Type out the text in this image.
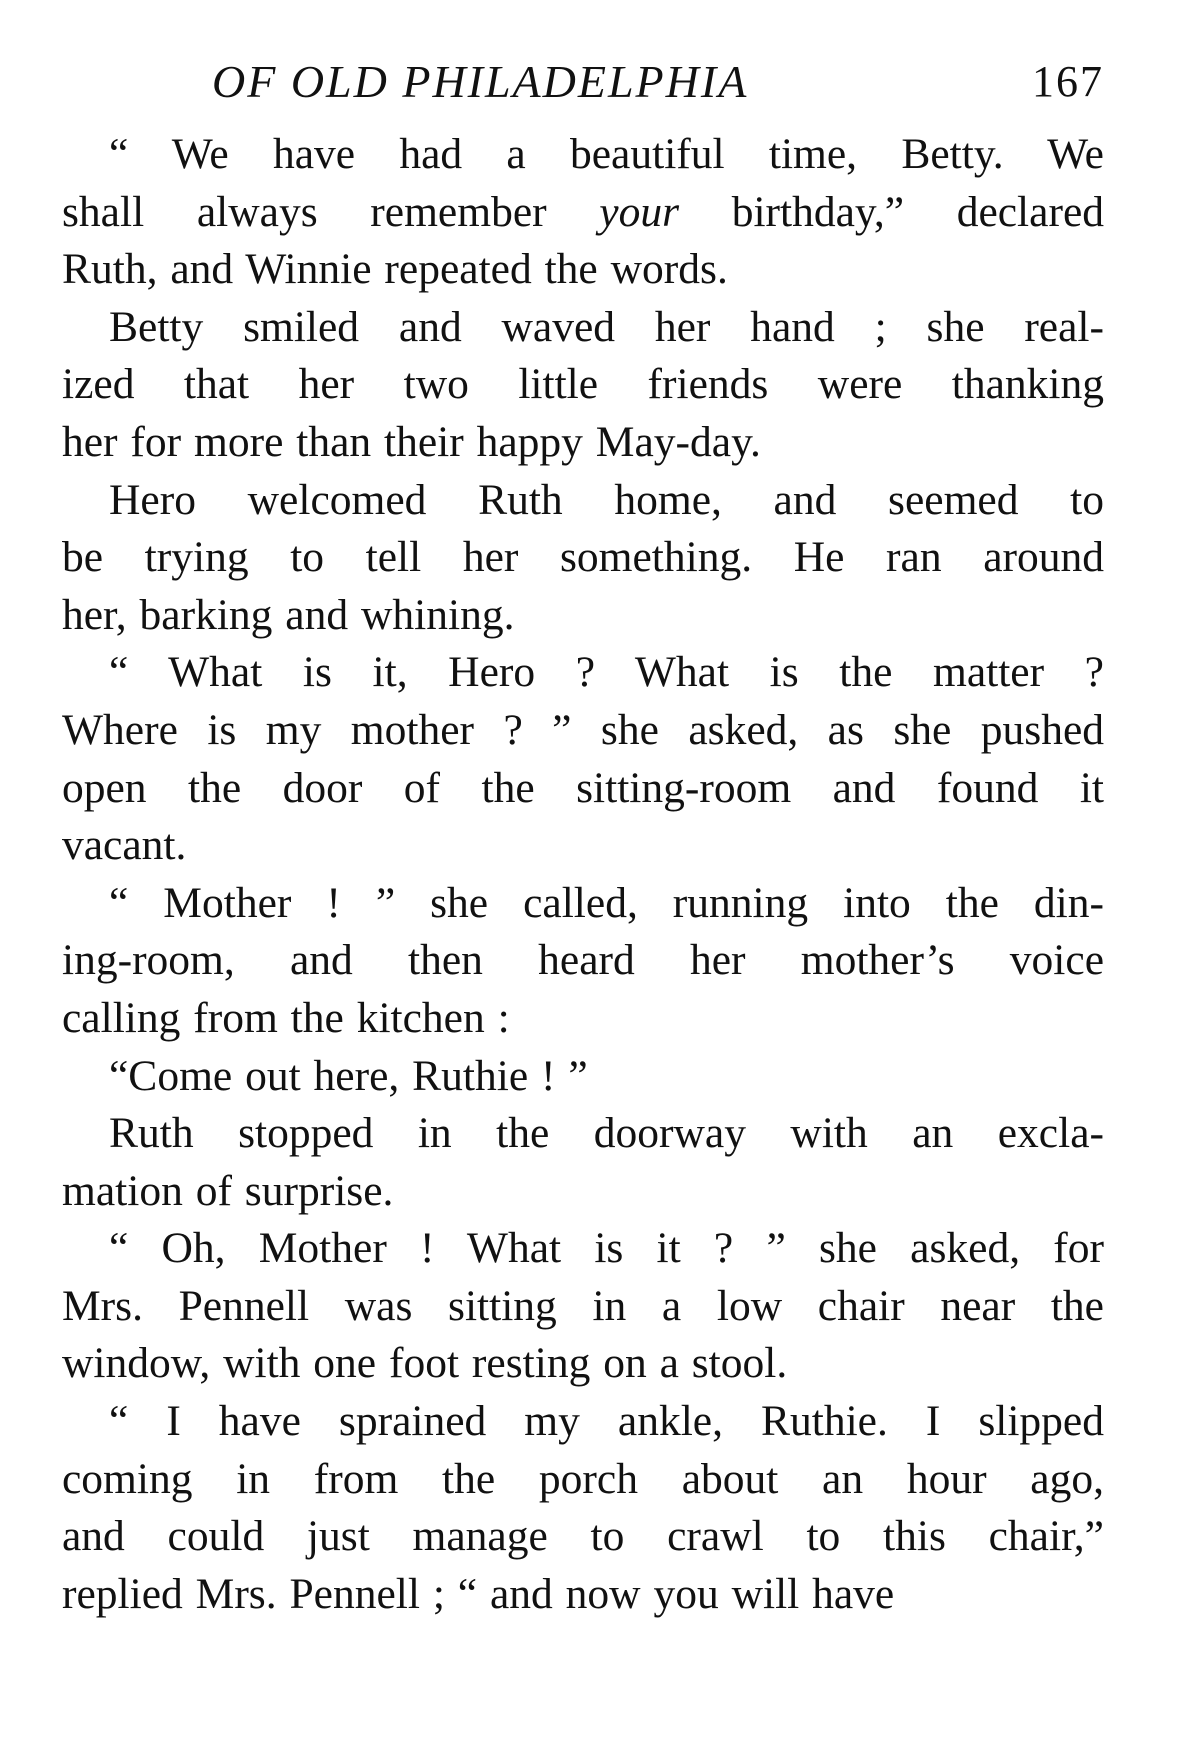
OF OLD PHILADELPHIA	167

“ We have had a beautiful time, Betty. We
shall always remember your birthday,” declared
Ruth, and Winnie repeated the words.

Betty smiled and waved her hand ; she real-
ized that her two little friends were thanking
her for more than their happy May-day.

Hero welcomed Ruth home, and seemed to
be trying to tell her something. He ran around
her, barking and whining.

“ What is it, Hero ? What is the matter ?
Where is my mother ? ” she asked, as she pushed
open the door of the sitting-room and found it
vacant.

“ Mother ! ” she called, running into the din-
ing-room, and then heard her mother’s voice
calling from the kitchen :

“Come out here, Ruthie ! ”

Ruth stopped in the doorway with an excla-
mation of surprise.

“ Oh, Mother ! What is it ? ” she asked, for
Mrs. Pennell was sitting in a low chair near the
window, with one foot resting on a stool.

“ I have sprained my ankle, Ruthie. I slipped
coming in from the porch about an hour ago,
and could just manage to crawl to this chair,”
replied Mrs. Pennell ; “ and now you will have
